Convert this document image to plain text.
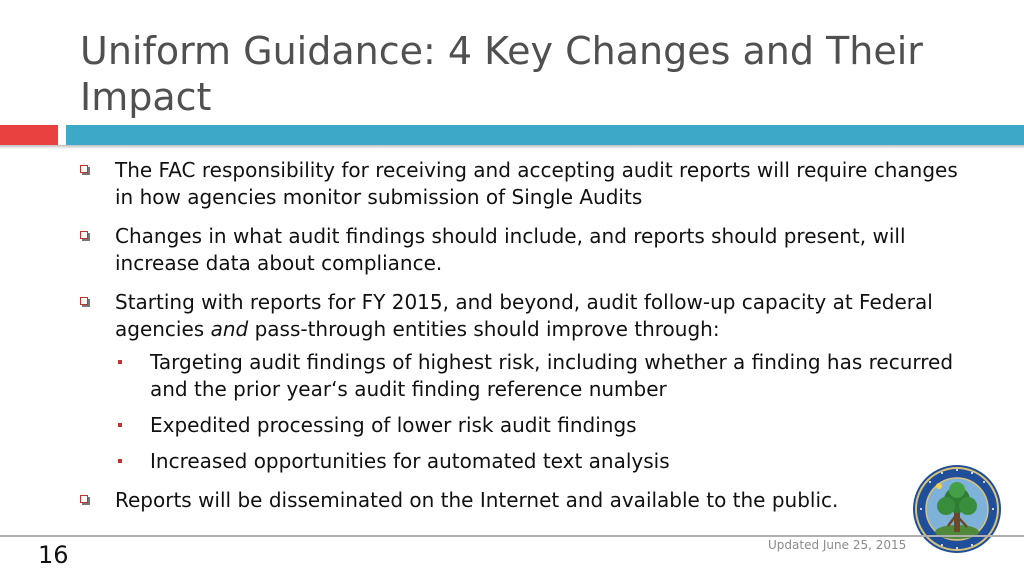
Uniform Guidance: 4 Key Changes and Their Impact
The FAC responsibility for receiving and accepting audit reports will require changes in how agencies monitor submission of Single Audits
Changes in what audit findings should include, and reports should present, will increase data about compliance.
Starting with reports for FY 2015, and beyond, audit follow-up capacity at Federal agencies and pass-through entities should improve through:
Targeting audit findings of highest risk, including whether a finding has recurred and the prior year‘s audit finding reference number
Expedited processing of lower risk audit findings
Increased opportunities for automated text analysis
Reports will be disseminated on the Internet and available to the public.
16	Updated June 25, 2015
